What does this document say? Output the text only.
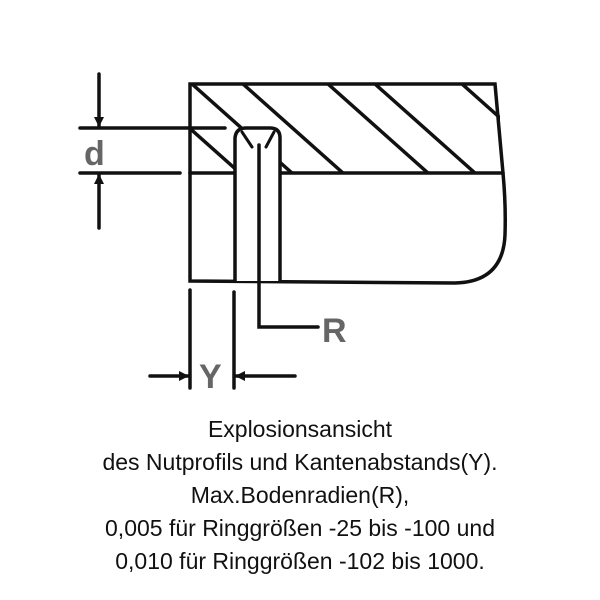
d
R
Y
Explosionsansicht
des Nutprofils und Kantenabstands(Y).
Max.Bodenradien(R),
0,005 für Ringgrößen -25 bis -100 und
0,010 für Ringgrößen -102 bis 1000.
